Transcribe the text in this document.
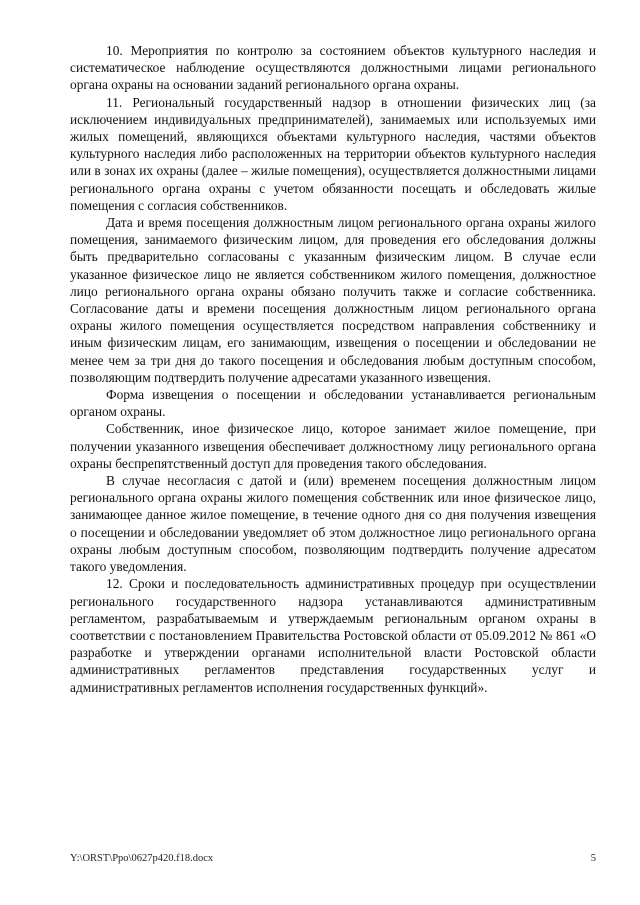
10. Мероприятия по контролю за состоянием объектов культурного наследия и систематическое наблюдение осуществляются должностными лицами регионального органа охраны на основании заданий регионального органа охраны.

11. Региональный государственный надзор в отношении физических лиц (за исключением индивидуальных предпринимателей), занимаемых или используемых ими жилых помещений, являющихся объектами культурного наследия, частями объектов культурного наследия либо расположенных на территории объектов культурного наследия или в зонах их охраны (далее – жилые помещения), осуществляется должностными лицами регионального органа охраны с учетом обязанности посещать и обследовать жилые помещения с согласия собственников.

Дата и время посещения должностным лицом регионального органа охраны жилого помещения, занимаемого физическим лицом, для проведения его обследования должны быть предварительно согласованы с указанным физическим лицом. В случае если указанное физическое лицо не является собственником жилого помещения, должностное лицо регионального органа охраны обязано получить также и согласие собственника. Согласование даты и времени посещения должностным лицом регионального органа охраны жилого помещения осуществляется посредством направления собственнику и иным физическим лицам, его занимающим, извещения о посещении и обследовании не менее чем за три дня до такого посещения и обследования любым доступным способом, позволяющим подтвердить получение адресатами указанного извещения.

Форма извещения о посещении и обследовании устанавливается региональным органом охраны.

Собственник, иное физическое лицо, которое занимает жилое помещение, при получении указанного извещения обеспечивает должностному лицу регионального органа охраны беспрепятственный доступ для проведения такого обследования.

В случае несогласия с датой и (или) временем посещения должностным лицом регионального органа охраны жилого помещения собственник или иное физическое лицо, занимающее данное жилое помещение, в течение одного дня со дня получения извещения о посещении и обследовании уведомляет об этом должностное лицо регионального органа охраны любым доступным способом, позволяющим подтвердить получение адресатом такого уведомления.

12. Сроки и последовательность административных процедур при осуществлении регионального государственного надзора устанавливаются административным регламентом, разрабатываемым и утверждаемым региональным органом охраны в соответствии с постановлением Правительства Ростовской области от 05.09.2012 № 861 «О разработке и утверждении органами исполнительной власти Ростовской области административных регламентов представления государственных услуг и административных регламентов исполнения государственных функций».

Y:\ORST\Ppo\0627p420.f18.docx	5
